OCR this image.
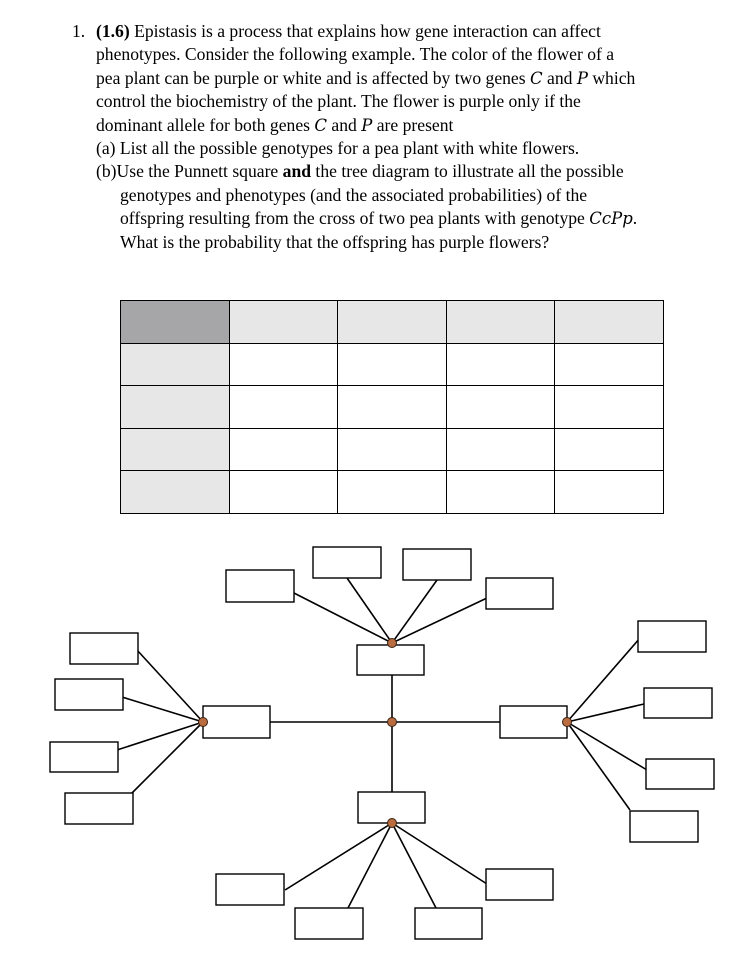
1. (1.6) Epistasis is a process that explains how gene interaction can affect
phenotypes. Consider the following example. The color of the flower of a
pea plant can be purple or white and is affected by two genes C and P which
control the biochemistry of the plant. The flower is purple only if the
dominant allele for both genes C and P are present
(a) List all the possible genotypes for a pea plant with white flowers.
(b)Use the Punnett square and the tree diagram to illustrate all the possible
genotypes and phenotypes (and the associated probabilities) of the
offspring resulting from the cross of two pea plants with genotype CcPp.
What is the probability that the offspring has purple flowers?
